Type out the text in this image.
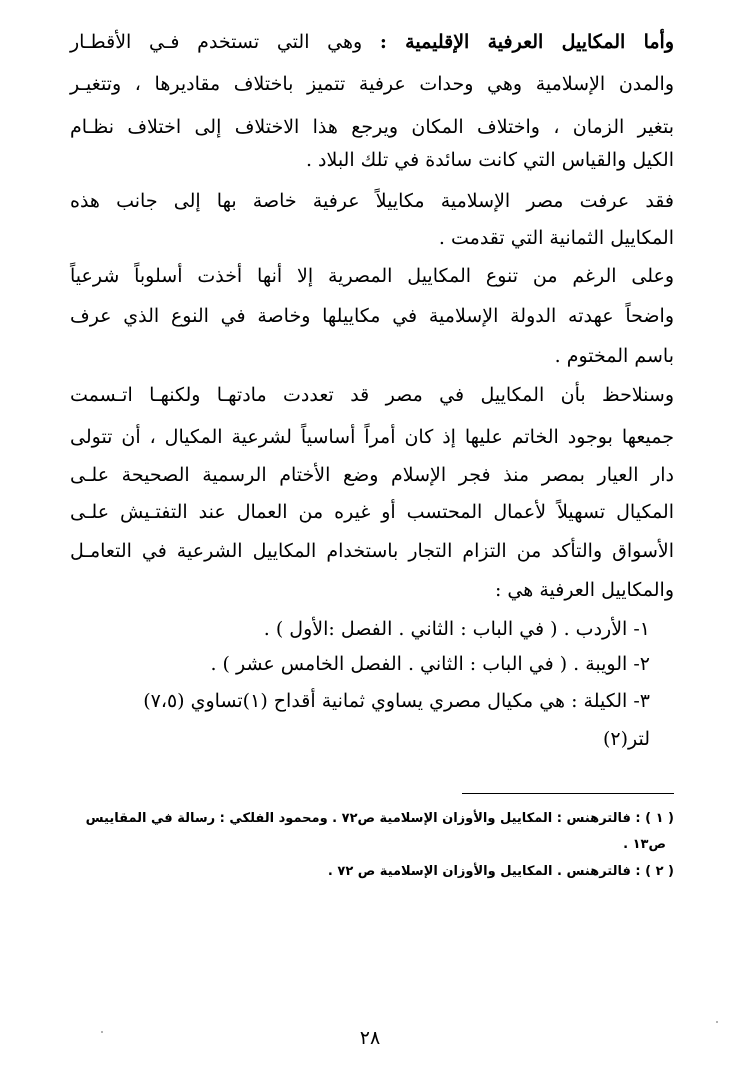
وأما المكاييل العرفية الإقليمية : وهي التي تستخدم فـي الأقطـار
والمدن الإسلامية وهي وحدات عرفية تتميز باختلاف مقاديرها ، وتتغيـر
بتغير الزمان ، واختلاف المكان ويرجع هذا الاختلاف إلى اختلاف نظـام
الكيل والقياس التي كانت سائدة في تلك البلاد .
فقد عرفت مصر الإسلامية مكاييلاً عرفية خاصة بها إلى جانب هذه
المكاييل الثمانية التي تقدمت .
وعلى الرغم من تنوع المكاييل المصرية إلا أنها أخذت أسلوباً شرعياً
واضحاً عهدته الدولة الإسلامية في مكاييلها وخاصة في النوع الذي عرف
باسم المختوم .
وسنلاحظ بأن المكاييل في مصر قد تعددت مادتهـا ولكنهـا اتـسمت
جميعها بوجود الخاتم عليها إذ كان أمراً أساسياً لشرعية المكيال ، أن تتولى
دار العيار بمصر منذ فجر الإسلام وضع الأختام الرسمية الصحيحة علـى
المكيال تسهيلاً لأعمال المحتسب أو غيره من العمال عند التفتـيش علـى
الأسواق والتأكد من التزام التجار باستخدام المكاييل الشرعية في التعامـل
والمكاييل العرفية هي :
١- الأردب . ( في الباب : الثاني . الفصل :الأول ) .
٢- الويبة . ( في الباب : الثاني . الفصل الخامس عشر ) .
٣- الكيلة : هي مكيال مصري يساوي ثمانية أقداح (١)تساوي (٧،٥)
لتر(٢)
( ١ ) : فالترهنس : المكاييل والأوزان الإسلامية ص٧٢ . ومحمود الفلكي : رسالة في المقاييس
ص١٣ .
( ٢ ) : فالترهنس . المكاييل والأوزان الإسلامية ص ٧٢ .
٢٨
